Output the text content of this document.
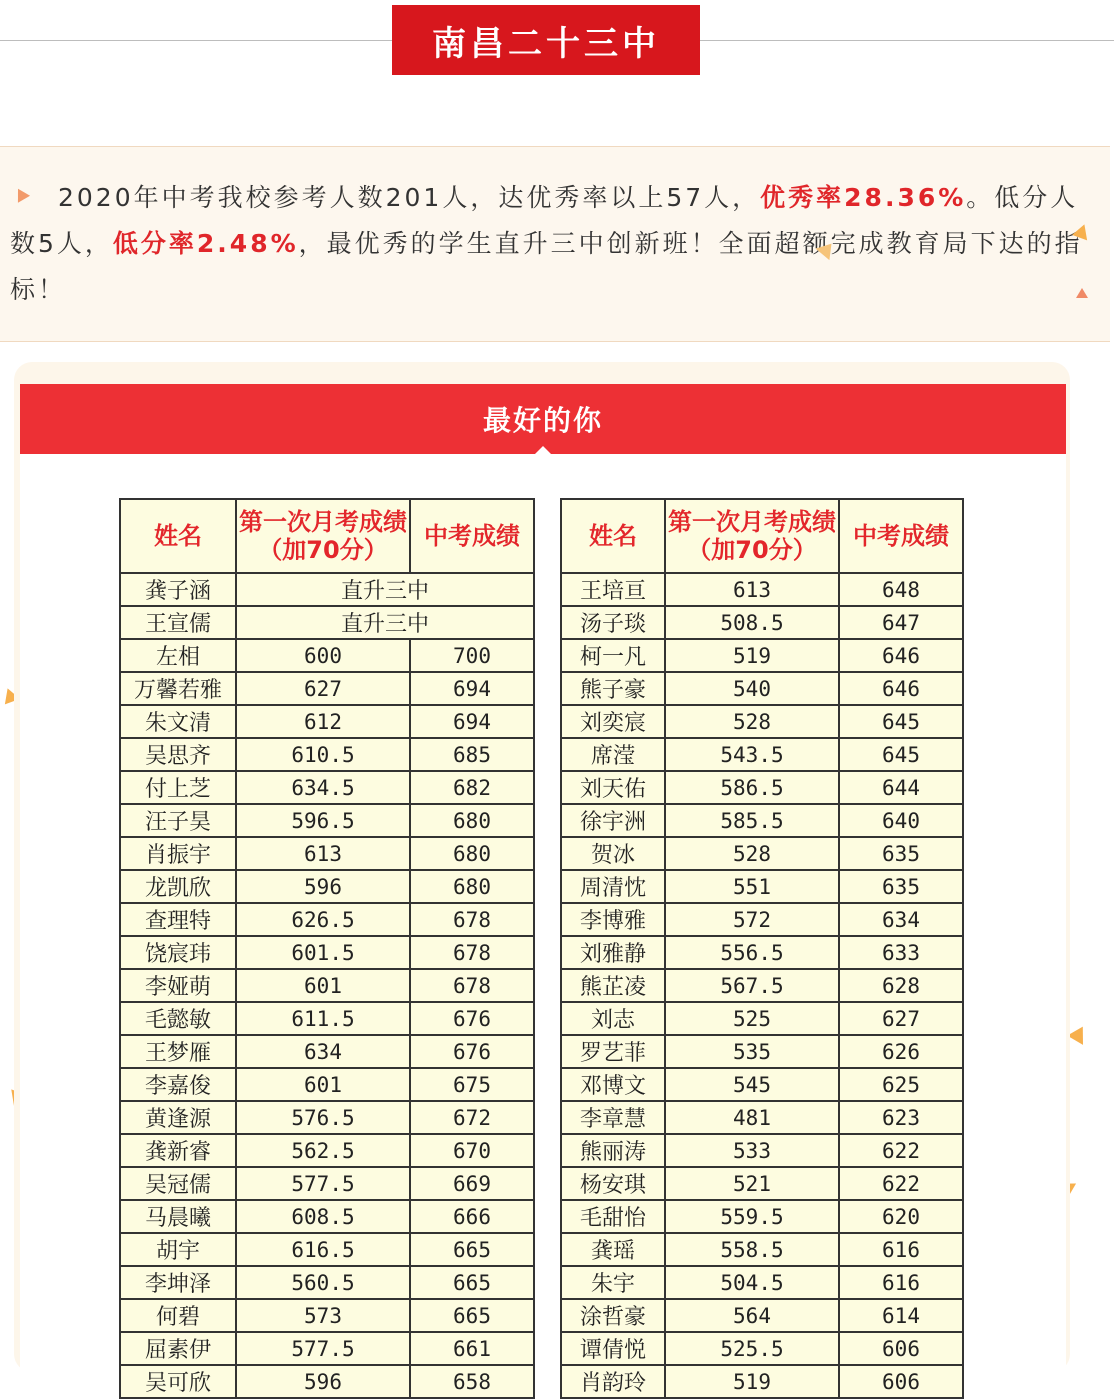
南昌二十三中

2020年中考我校参考人数201人，达优秀率以上57人，优秀率28.36%。低分人数5人，低分率2.48%，最优秀的学生直升三中创新班！全面超额完成教育局下达的指标！

最好的你
姓名	第一次月考成绩（加70分）	中考成绩
龚子涵	直升三中	
王宣儒	直升三中	
左相	600	700
万馨若雅	627	694
朱文清	612	694
吴思齐	610.5	685
付上芝	634.5	682
汪子昊	596.5	680
肖振宇	613	680
龙凯欣	596	680
查理特	626.5	678
饶宸玮	601.5	678
李娅萌	601	678
毛懿敏	611.5	676
王梦雁	634	676
李嘉俊	601	675
黄逢源	576.5	672
龚新睿	562.5	670
吴冠儒	577.5	669
马晨曦	608.5	666
胡宇	616.5	665
李坤泽	560.5	665
何碧	573	665
屈素伊	577.5	661
吴可欣	596	658
姓名	第一次月考成绩（加70分）	中考成绩
王培亘	613	648
汤子琰	508.5	647
柯一凡	519	646
熊子豪	540	646
刘奕宸	528	645
席滢	543.5	645
刘天佑	586.5	644
徐宇洲	585.5	640
贺冰	528	635
周清忱	551	635
李博雅	572	634
刘雅静	556.5	633
熊芷凌	567.5	628
刘志	525	627
罗艺菲	535	626
邓博文	545	625
李章慧	481	623
熊丽涛	533	622
杨安琪	521	622
毛甜怡	559.5	620
龚瑶	558.5	616
朱宇	504.5	616
涂哲豪	564	614
谭倩悦	525.5	606
肖韵玲	519	606
